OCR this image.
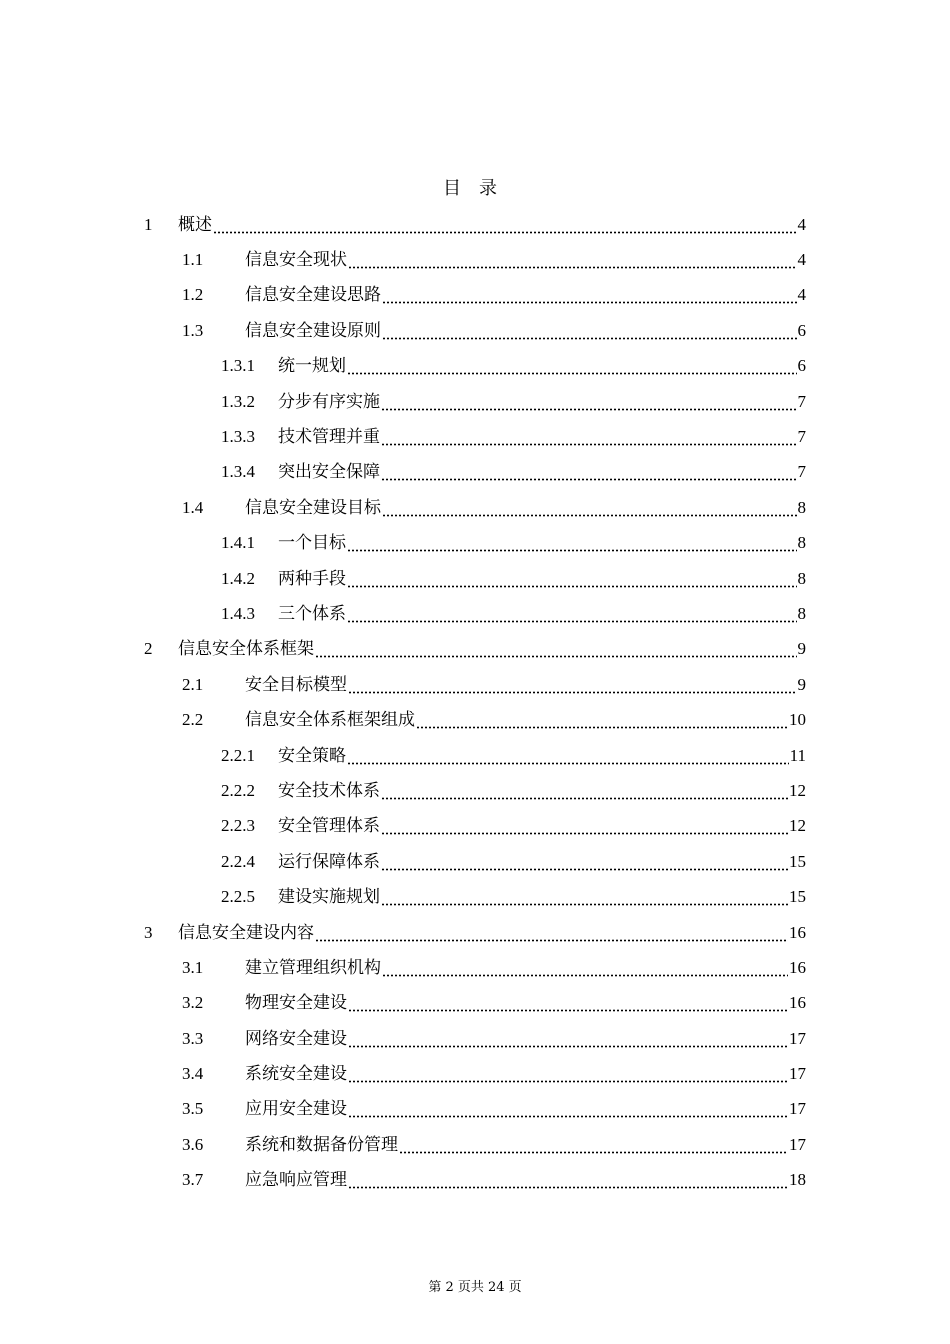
目　录
1	概述	4
1.1	信息安全现状	4
1.2	信息安全建设思路	4
1.3	信息安全建设原则	6
1.3.1	统一规划	6
1.3.2	分步有序实施	7
1.3.3	技术管理并重	7
1.3.4	突出安全保障	7
1.4	信息安全建设目标	8
1.4.1	一个目标	8
1.4.2	两种手段	8
1.4.3	三个体系	8
2	信息安全体系框架	9
2.1	安全目标模型	9
2.2	信息安全体系框架组成	10
2.2.1	安全策略	11
2.2.2	安全技术体系	12
2.2.3	安全管理体系	12
2.2.4	运行保障体系	15
2.2.5	建设实施规划	15
3	信息安全建设内容	16
3.1	建立管理组织机构	16
3.2	物理安全建设	16
3.3	网络安全建设	17
3.4	系统安全建设	17
3.5	应用安全建设	17
3.6	系统和数据备份管理	17
3.7	应急响应管理	18
第 2 页共 24 页
